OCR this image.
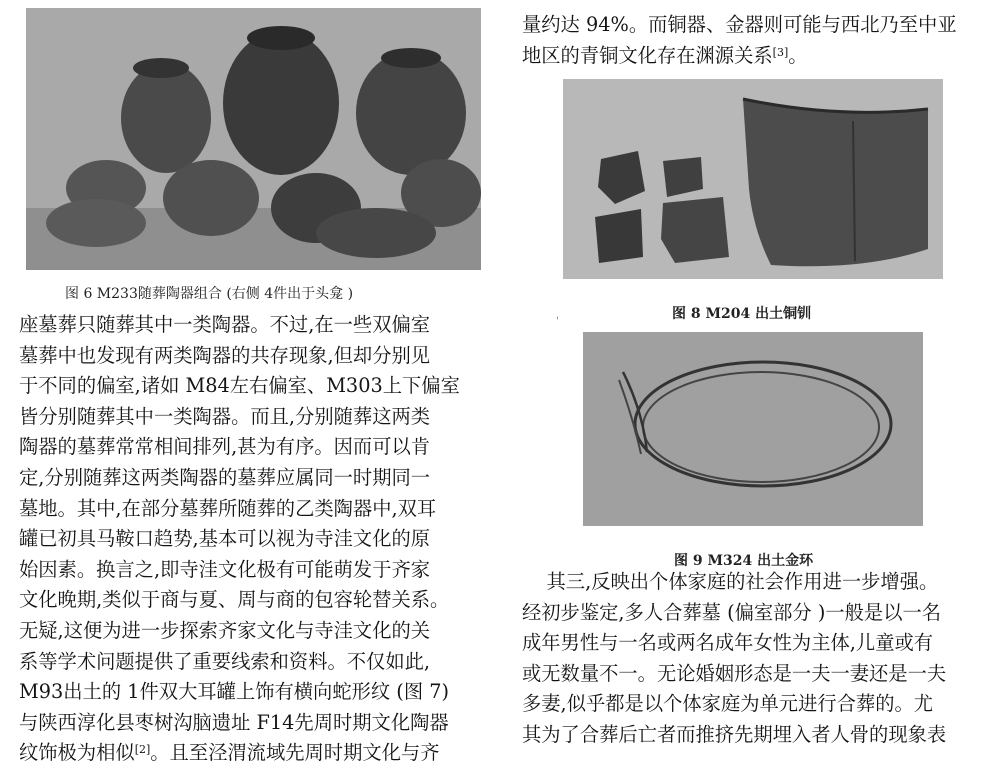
图 6 M233随葬陶器组合 (右侧 4件出于头龛 )
座墓葬只随葬其中一类陶器。不过,在一些双偏室
墓葬中也发现有两类陶器的共存现象,但却分别见
于不同的偏室,诸如 M84左右偏室、M303上下偏室
皆分别随葬其中一类陶器。而且,分别随葬这两类
陶器的墓葬常常相间排列,甚为有序。因而可以肯
定,分别随葬这两类陶器的墓葬应属同一时期同一
墓地。其中,在部分墓葬所随葬的乙类陶器中,双耳
罐已初具马鞍口趋势,基本可以视为寺洼文化的原
始因素。换言之,即寺洼文化极有可能萌发于齐家
文化晚期,类似于商与夏、周与商的包容轮替关系。
无疑,这便为进一步探索齐家文化与寺洼文化的关
系等学术问题提供了重要线索和资料。不仅如此,
M93出土的 1件双大耳罐上饰有横向蛇形纹 (图 7)
与陕西淳化县枣树沟脑遗址 F14先周时期文化陶器
纹饰极为相似[2]。且至泾渭流域先周时期文化与齐
量约达 94%。而铜器、金器则可能与西北乃至中亚
地区的青铜文化存在渊源关系[3]。
图 8 M204 出土铜钏
'
图 9 M324 出土金环
其三,反映出个体家庭的社会作用进一步增强。
经初步鉴定,多人合葬墓 (偏室部分 )一般是以一名
成年男性与一名或两名成年女性为主体,儿童或有
或无数量不一。无论婚姻形态是一夫一妻还是一夫
多妻,似乎都是以个体家庭为单元进行合葬的。尤
其为了合葬后亡者而推挤先期埋入者人骨的现象表
